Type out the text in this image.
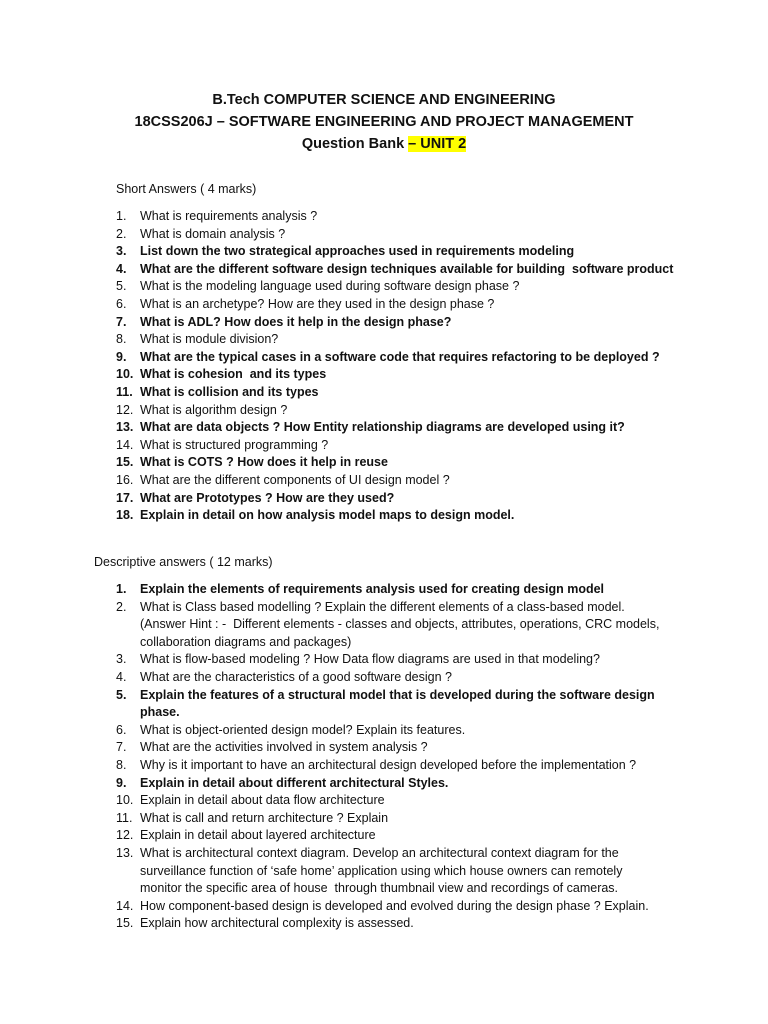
B.Tech COMPUTER SCIENCE AND ENGINEERING
18CSS206J – SOFTWARE ENGINEERING AND PROJECT MANAGEMENT
Question Bank – UNIT 2
Short Answers ( 4 marks)
1.	What is requirements analysis ?
2.	What is domain analysis ?
3.	List down the two strategical approaches used in requirements modeling
4.	What are the different software design techniques available for building  software product
5.	What is the modeling language used during software design phase ?
6.	What is an archetype? How are they used in the design phase ?
7.	What is ADL? How does it help in the design phase?
8.	What is module division?
9.	What are the typical cases in a software code that requires refactoring to be deployed ?
10. What is cohesion  and its types
11. What is collision and its types
12. What is algorithm design ?
13. What are data objects ? How Entity relationship diagrams are developed using it?
14. What is structured programming ?
15. What is COTS ? How does it help in reuse
16. What are the different components of UI design model ?
17. What are Prototypes ? How are they used?
18. Explain in detail on how analysis model maps to design model.
Descriptive answers ( 12 marks)
1.	Explain the elements of requirements analysis used for creating design model
2.	What is Class based modelling ? Explain the different elements of a class-based model.
(Answer Hint : -  Different elements - classes and objects, attributes, operations, CRC models,
collaboration diagrams and packages)
3.	What is flow-based modeling ? How Data flow diagrams are used in that modeling?
4.	What are the characteristics of a good software design ?
5.	Explain the features of a structural model that is developed during the software design
phase.
6.	What is object-oriented design model? Explain its features.
7.	What are the activities involved in system analysis ?
8.	Why is it important to have an architectural design developed before the implementation ?
9.	Explain in detail about different architectural Styles.
10. Explain in detail about data flow architecture
11. What is call and return architecture ? Explain
12. Explain in detail about layered architecture
13. What is architectural context diagram. Develop an architectural context diagram for the
surveillance function of ‘safe home’ application using which house owners can remotely
monitor the specific area of house  through thumbnail view and recordings of cameras.
14. How component-based design is developed and evolved during the design phase ? Explain.
15. Explain how architectural complexity is assessed.
